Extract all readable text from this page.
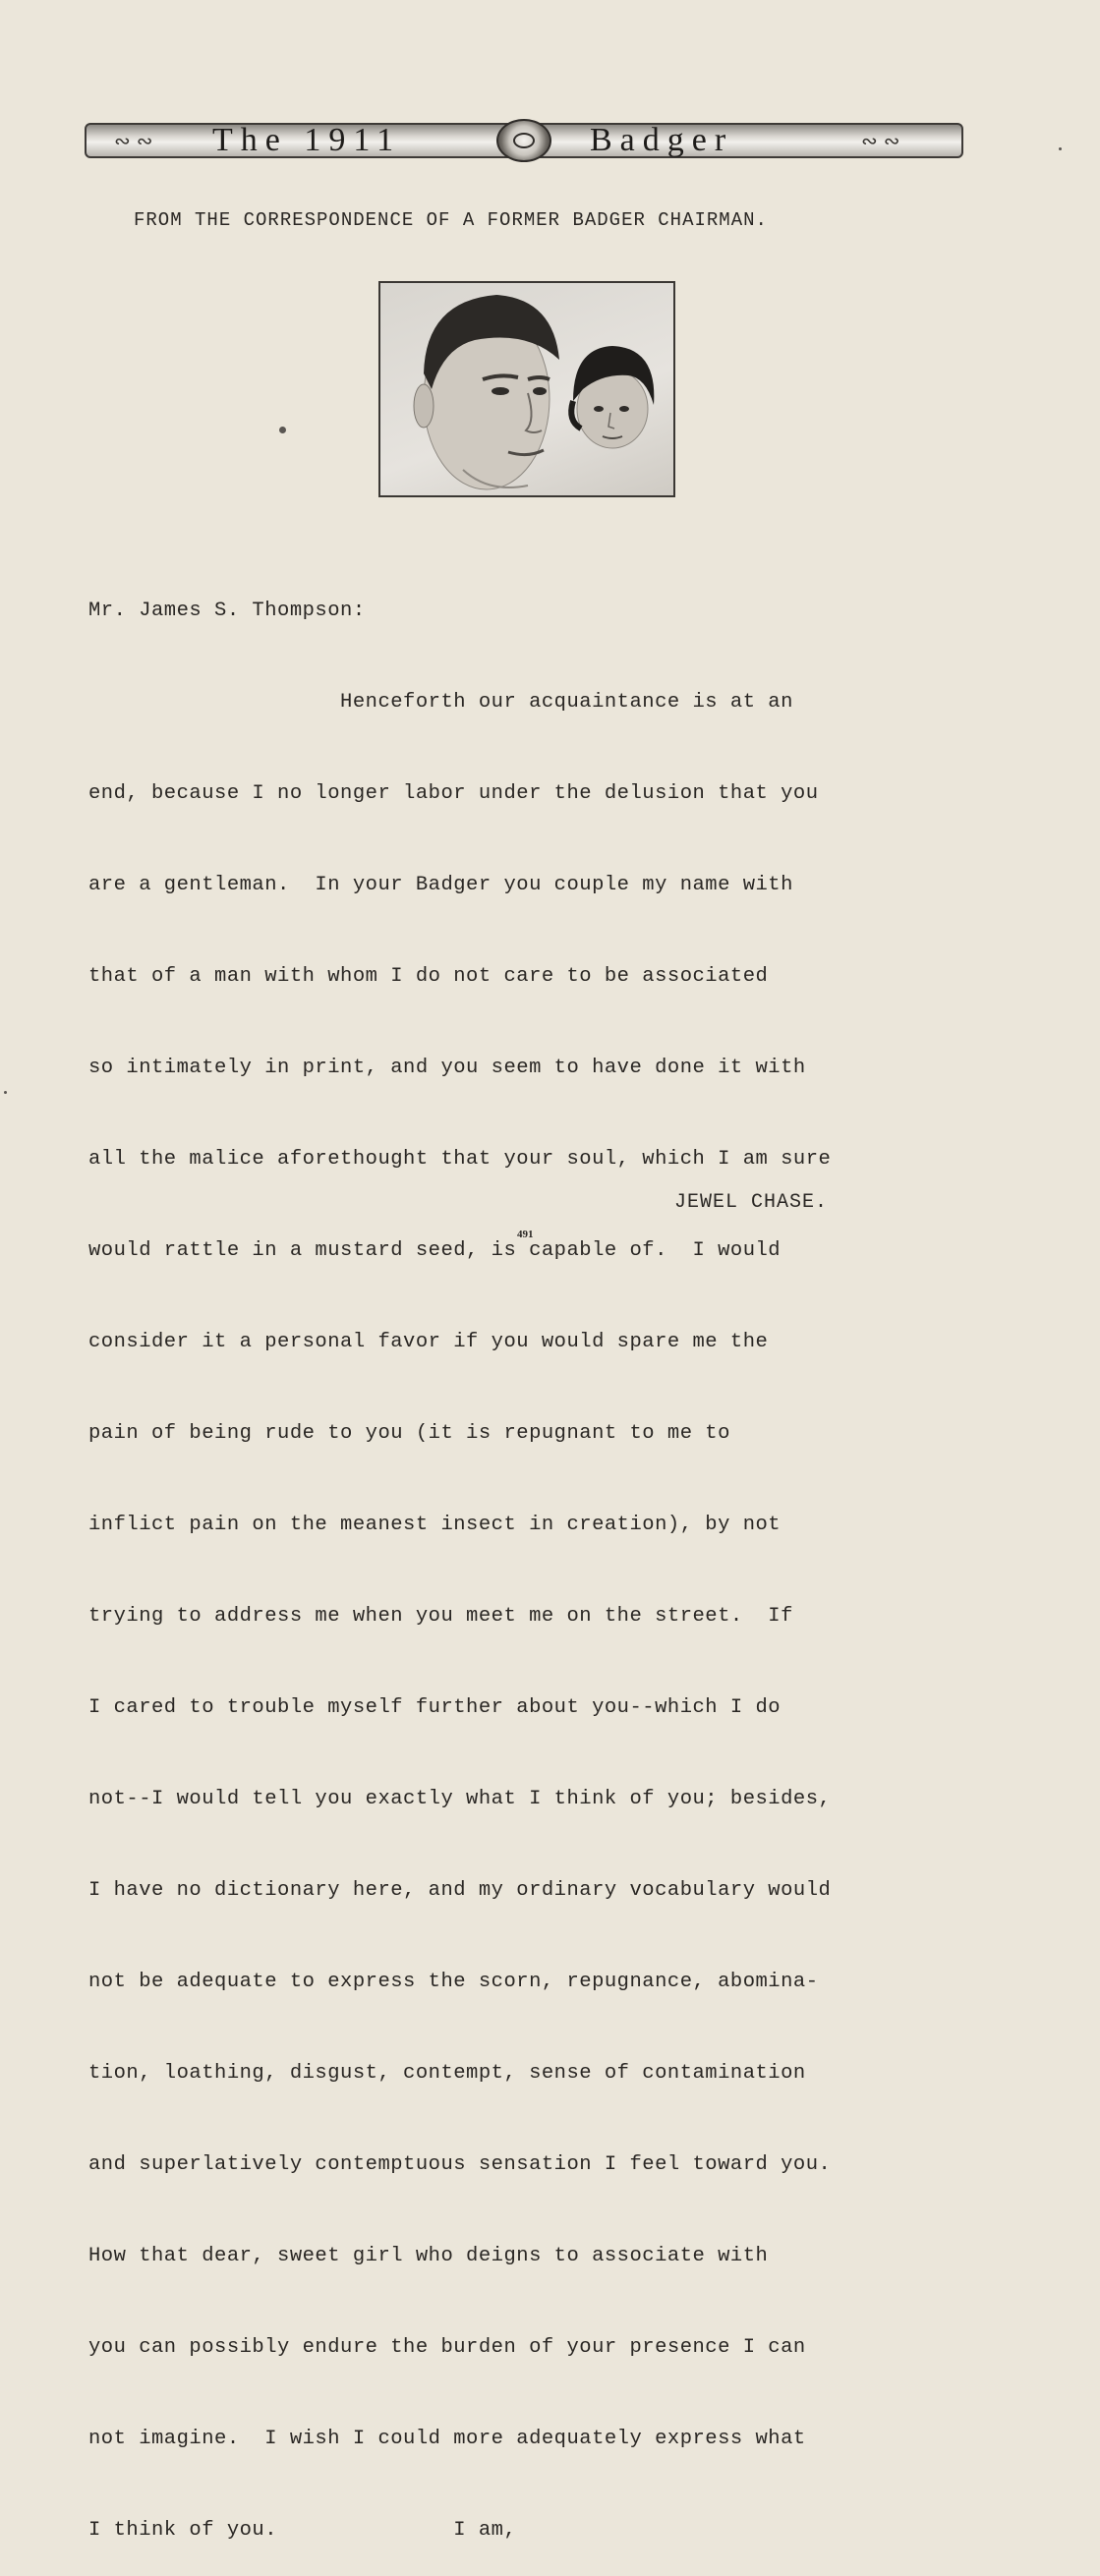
∾∾ The 1911	Badger	∾∾
FROM THE CORRESPONDENCE OF A FORMER BADGER CHAIRMAN.

Mr. James S. Thompson:

Henceforth our acquaintance is at an

end, because I no longer labor under the delusion that you

are a gentleman.  In your Badger you couple my name with

that of a man with whom I do not care to be associated

so intimately in print, and you seem to have done it with

all the malice aforethought that your soul, which I am sure

would rattle in a mustard seed, is capable of.  I would

consider it a personal favor if you would spare me the

pain of being rude to you (it is repugnant to me to

inflict pain on the meanest insect in creation), by not

trying to address me when you meet me on the street.  If

I cared to trouble myself further about you--which I do

not--I would tell you exactly what I think of you; besides,

I have no dictionary here, and my ordinary vocabulary would

not be adequate to express the scorn, repugnance, abomina-

tion, loathing, disgust, contempt, sense of contamination

and superlatively contemptuous sensation I feel toward you.

How that dear, sweet girl who deigns to associate with

you can possibly endure the burden of your presence I can

not imagine.  I wish I could more adequately express what

I think of you.              I am,

JEWEL CHASE.
491
